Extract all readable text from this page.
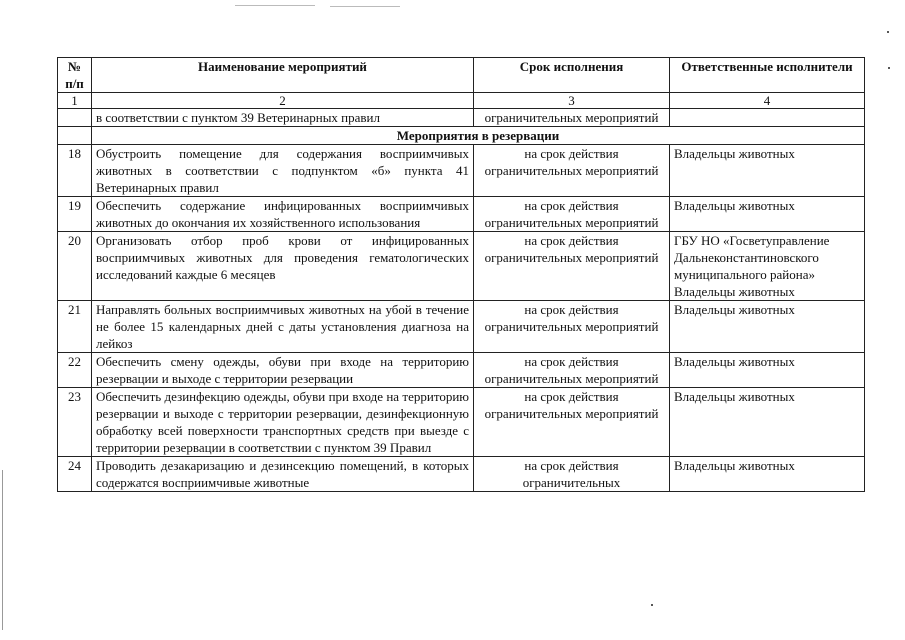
№ п/п	Наименование мероприятий	Срок исполнения	Ответственные исполнители
1	2	3	4
	в соответствии с пунктом 39 Ветеринарных правил	ограничительных мероприятий	
	Мероприятия в резервации		
18	Обустроить помещение для содержания восприимчивых животных в соответствии с подпунктом «б» пункта 41 Ветеринарных правил	на срок действия ограничительных мероприятий	Владельцы животных
19	Обеспечить содержание инфицированных восприимчивых животных до окончания их хозяйственного использования	на срок действия ограничительных мероприятий	Владельцы животных
20	Организовать отбор проб крови от инфицированных восприимчивых животных для проведения гематологических исследований каждые 6 месяцев	на срок действия ограничительных мероприятий	ГБУ НО «Госветуправление Дальнеконстантиновского муниципального района» Владельцы животных
21	Направлять больных восприимчивых животных на убой в течение не более 15 календарных дней с даты установления диагноза на лейкоз	на срок действия ограничительных мероприятий	Владельцы животных
22	Обеспечить смену одежды, обуви при входе на территорию резервации и выходе с территории резервации	на срок действия ограничительных мероприятий	Владельцы животных
23	Обеспечить дезинфекцию одежды, обуви при входе на территорию резервации и выходе с территории резервации, дезинфекционную обработку всей поверхности транспортных средств при выезде с территории резервации в соответствии с пунктом 39 Правил	на срок действия ограничительных мероприятий	Владельцы животных
24	Проводить дезакаризацию и дезинсекцию помещений, в которых содержатся восприимчивые животные	на срок действия ограничительных	Владельцы животных
